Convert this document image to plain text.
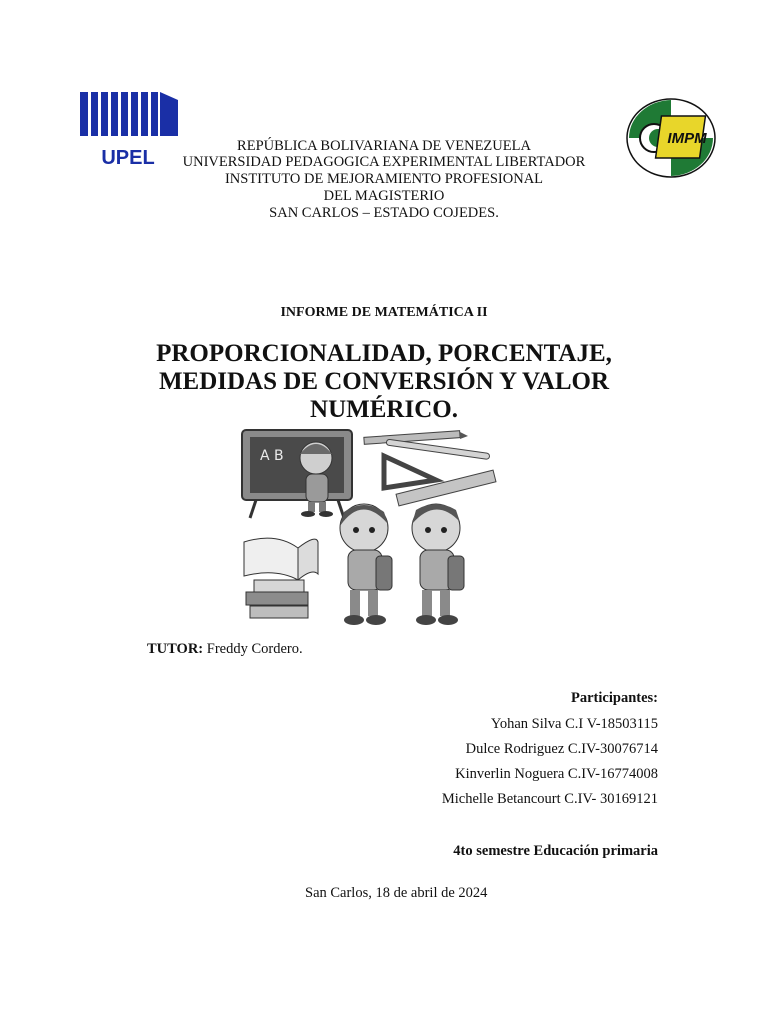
UPEL
IMPM
REPÚBLICA BOLIVARIANA DE VENEZUELA
UNIVERSIDAD PEDAGOGICA EXPERIMENTAL LIBERTADOR
INSTITUTO DE MEJORAMIENTO PROFESIONAL
DEL MAGISTERIO
SAN CARLOS – ESTADO COJEDES.
INFORME DE MATEMÁTICA II
PROPORCIONALIDAD, PORCENTAJE,
MEDIDAS DE CONVERSIÓN Y VALOR
NUMÉRICO.
A B
TUTOR: Freddy Cordero.
Participantes:
Yohan Silva C.I V-18503115
Dulce Rodriguez C.IV-30076714
Kinverlin Noguera C.IV-16774008
Michelle Betancourt C.IV- 30169121
4to semestre Educación primaria
San Carlos, 18 de abril de 2024
